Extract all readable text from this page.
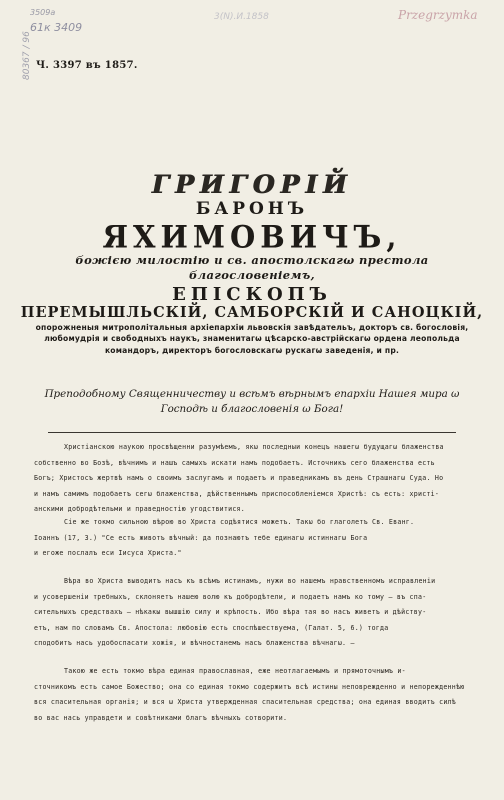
3509a
61к 3409
80367 / 96
3(N).И.1858	Przegrzymka
Ч. 3397 въ 1857.
ГРИГОРІЙ
БАРОНЪ
ЯХИМОВИЧЪ,
божією милостію и св. апостолскагω престола
благословеніемъ,
ЕПІСКОПЪ
ПЕРЕМЫШЛЬСКІЙ, САМБОРСКІЙ И САНОЦКІЙ,
опорожненыя митрополітальныя архіепархіи львовскія завѣдательъ, докторъ св. богословія, любомудрія и свободныхъ наукъ, знаменитагω цѣсарско-австрійскагω ордена леопольда командоръ, директоръ богословскагω рускагω заведенія, и пр.
Преподобному Священничеству и всѣмъ вѣрнымъ епархіи Нашея мира ω Господѣ и благословенія ω Бога!
Христіанскою наукою просвѣщенни разумѣемъ, якω последныи конецъ нашегω будущагω блаженства
собственно во Бозѣ, вѣчнимъ и нашъ самыхъ искати намъ подобаетъ. Источникъ сего блаженства есть
Богъ; Христосъ жертвѣ намъ о своимъ заслугамъ и подаетъ и праведникамъ въ день Страшнагω Суда. Но
и намъ самимъ подобаетъ сегω блаженства, дѣйственнымъ приспособленіемся Христѣ: съ есть: христі-
анскими добродѣтельми и праведностію угодствитися.
Сіе же токмо сильною вѣрою во Христа содѣятися можетъ. Такω бо глаголетъ Св. Еванг.
Іоаннъ (17, 3.) "Се есть животъ вѣчный: да познаютъ тебе единагω истиннагω Бога
и егоже послалъ еси Іисуса Христа."
Вѣра во Христа выводитъ насъ къ всѣмъ истинамъ, нужи во нашемъ нравственномъ исправленіи
и усовершеніи требныхъ, склоняетъ нашею волю къ добродѣтели, и подаетъ намъ ко тому — въ спа-
сительныхъ средствахъ — нѣкакы вышшію силу и крѣпость. Ибо вѣра тая во насъ живетъ и дѣйству-
етъ, нам по словамъ Св. Апостола: любовію есть споспѣшествуема, (Галат. 5, 6.) тогда
сподобитъ нась удобоспасати хожія, и вѣчностанемъ насъ блаженства вѣчнагω. —
Такою же есть токмо вѣра единая православная, еже неотлагаемымъ и прямоточнымъ и-
сточникомъ есть самое Божество; она со единая токмо содержитъ всѣ истины неповрежденно и непорежденнѣю
вся спасительная органія; и вся ω Христа утвержденная спасительная средства; она единая вводитъ силѣ
во вас нась управдети и совѣтниками благъ вѣчныхъ сотворити.
